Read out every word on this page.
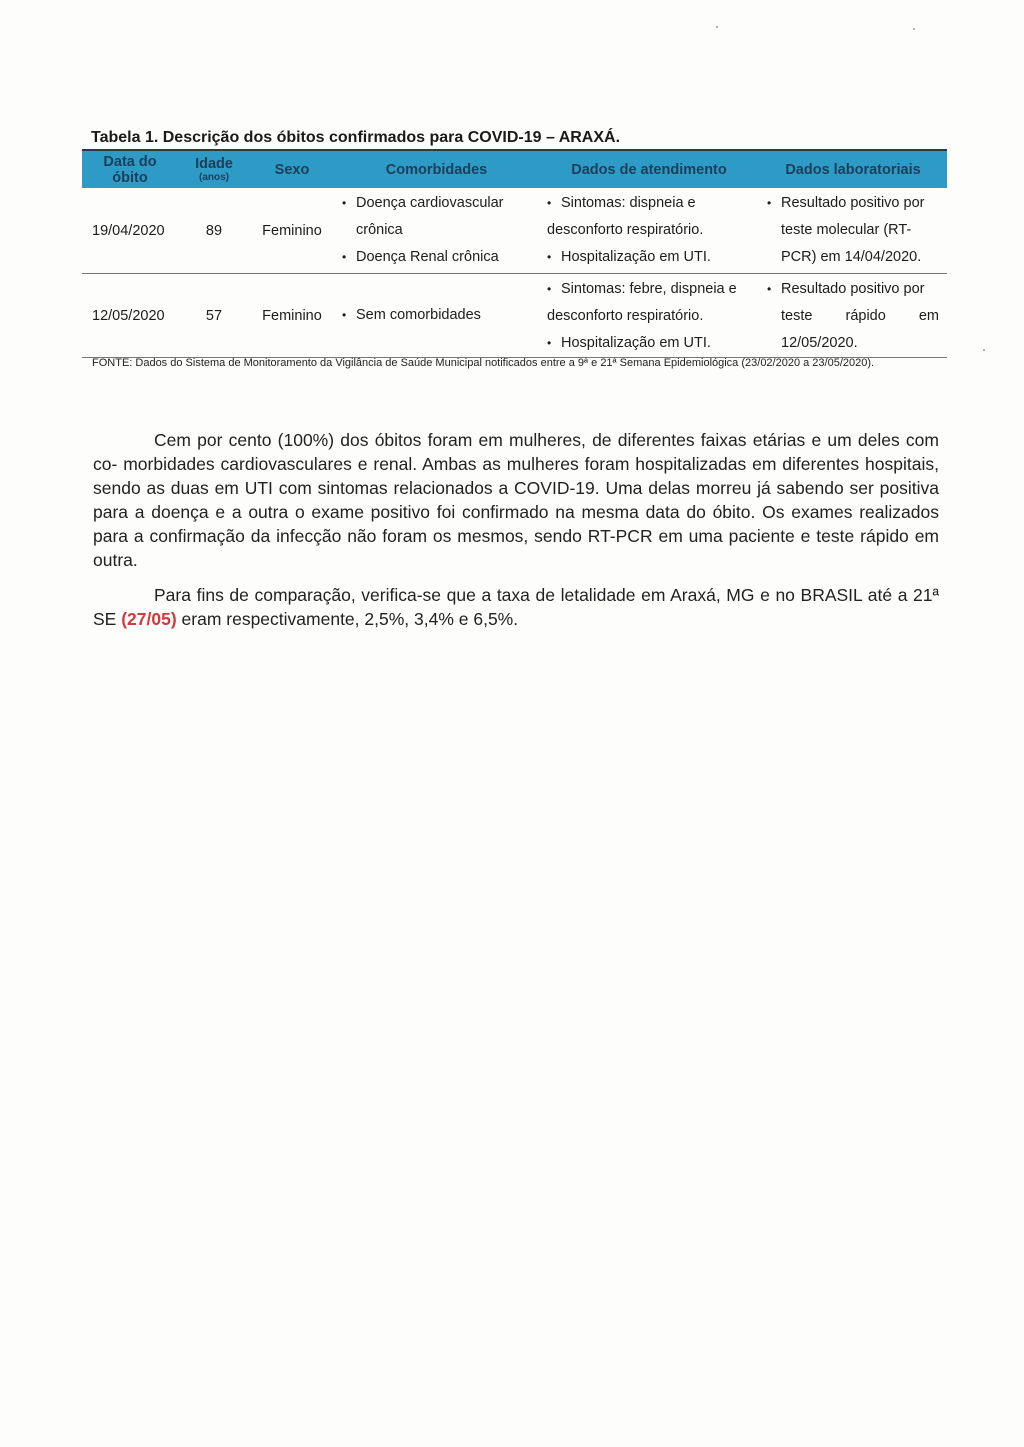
Tabela 1. Descrição dos óbitos confirmados para COVID-19 – ARAXÁ.
Data do
óbito
Idade
(anos)	Sexo	Comorbidades	Dados de atendimento	Dados laboratoriais
19/04/2020	89	Feminino
• Doença cardiovascular
crônica
• Doença Renal crônica
• Sintomas: dispneia e
desconforto respiratório.
• Hospitalização em UTI.
• Resultado positivo por
teste molecular (RT-
PCR) em 14/04/2020.
12/05/2020	57	Feminino
•	Sem comorbidades
• Sintomas: febre, dispneia e
desconforto respiratório.
• Hospitalização em UTI.
• Resultado positivo por
teste rápido em
12/05/2020.
FONTE: Dados do Sistema de Monitoramento da Vigilância de Saúde Municipal notificados entre a 9ª e 21ª Semana Epidemiológica (23/02/2020 a 23/05/2020).

Cem por cento (100%) dos óbitos foram em mulheres, de diferentes faixas etárias e um deles com co- morbidades cardiovasculares e renal. Ambas as mulheres foram hospitalizadas em diferentes hospitais, sendo as duas em UTI com sintomas relacionados a COVID-19. Uma delas morreu já sabendo ser positiva para a doença e a outra o exame positivo foi confirmado na mesma data do óbito. Os exames realizados para a confirmação da infecção não foram os mesmos, sendo RT-PCR em uma paciente e teste rápido em outra.

Para fins de comparação, verifica-se que a taxa de letalidade em Araxá, MG e no BRASIL até a 21ª SE (27/05) eram respectivamente, 2,5%, 3,4% e 6,5%.
